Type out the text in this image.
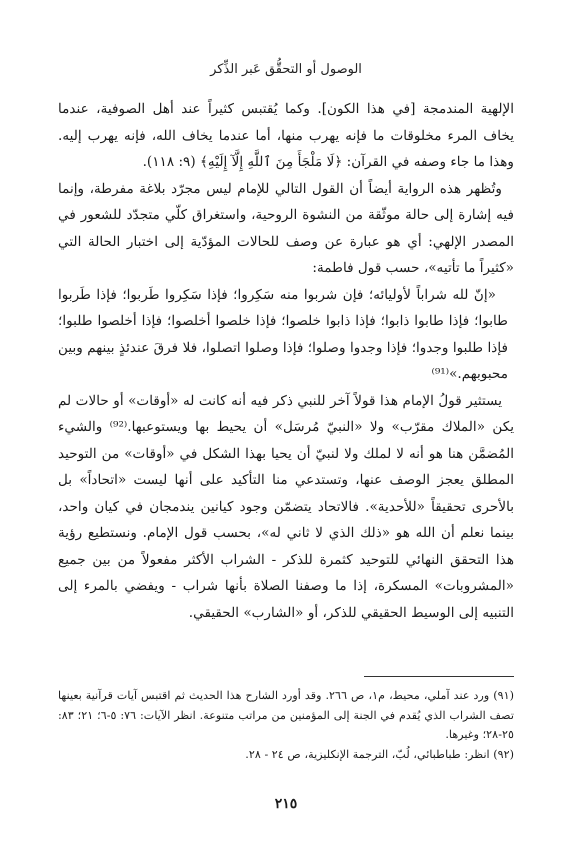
الوصول أو التحقُّق عَبر الذِّكر

الإلهية المندمجة [في هذا الكون]. وكما يُقتبس كثيراً عند أهل الصوفية، عندما يخاف المرء مخلوقات ما فإنه يهرب منها، أما عندما يخاف الله، فإنه يهرب إليه. وهذا ما جاء وصفه في القرآن: ﴿لَا مَلْجَأَ مِنَ ٱللَّهِ إِلَّآ إِلَيْهِ﴾ (٩: ١١٨).

وتُظهر هذه الرواية أيضاً أن القول التالي للإمام ليس مجرّد بلاغة مفرطة، وإنما فيه إشارة إلى حالة موثّقة من النشوة الروحية، واستغراق كلّي متجدّد للشعور في المصدر الإلهي: أي هو عبارة عن وصف للحالات المؤدّية إلى اختبار الحالة التي «كثيراً ما تأتيه»، حسب قول فاطمة:

«إنّ لله شراباً لأوليائه؛ فإن شربوا منه سَكِروا؛ فإذا سَكِروا طَربوا؛ فإذا طَربوا طابوا؛ فإذا طابوا ذابوا؛ فإذا ذابوا خلصوا؛ فإذا خلصوا أخلصوا؛ فإذا أخلصوا طلبوا؛ فإذا طلبوا وجدوا؛ فإذا وجدوا وصلوا؛ فإذا وصلوا اتصلوا، فلا فرقَ عندئذٍ بينهم وبين محبوبهم.»⁽⁹¹⁾

يستثير قولُ الإمام هذا قولاً آخر للنبي ذكر فيه أنه كانت له «أوقات» أو حالات لم يكن «الملاك مقرّب» ولا «النبيّ مُرسَل» أن يحيط بها ويستوعبها.⁽⁹²⁾ والشيء المُضمَّن هنا هو أنه لا لملك ولا لنبيّ أن يحيا بهذا الشكل في «أوقات» من التوحيد المطلق يعجز الوصف عنها، وتستدعي منا التأكيد على أنها ليست «اتحاداً» بل بالأحرى تحقيقاً «للأحدية». فالاتحاد يتضمّن وجود كيانين يندمجان في كيان واحد، بينما نعلم أن الله هو «ذلك الذي لا ثاني له»، بحسب قول الإمام. ونستطيع رؤية هذا التحقق النهائي للتوحيد كثمرة للذكر - الشراب الأكثر مفعولاً من بين جميع «المشروبات» المسكرة، إذا ما وصفنا الصلاة بأنها شراب - ويفضي بالمرء إلى التنبيه إلى الوسيط الحقيقي للذكر، أو «الشارب» الحقيقي.

(٩١) ورد عند آملي، محيط، م١، ص ٢٦٦. وقد أورد الشارح هذا الحديث ثم اقتبس آيات قرآنية بعينها تصف الشراب الذي يُقدم في الجنة إلى المؤمنين من مراتب متنوعة. انظر الآيات: ٧٦: ٥-٦؛ ٢١؛ ٨٣: ٢٥-٢٨؛ وغيرها.

(٩٢) انظر: طباطبائي، لُبّ، الترجمة الإنكليزية، ص ٢٤ - ٢٨.

٢١٥
